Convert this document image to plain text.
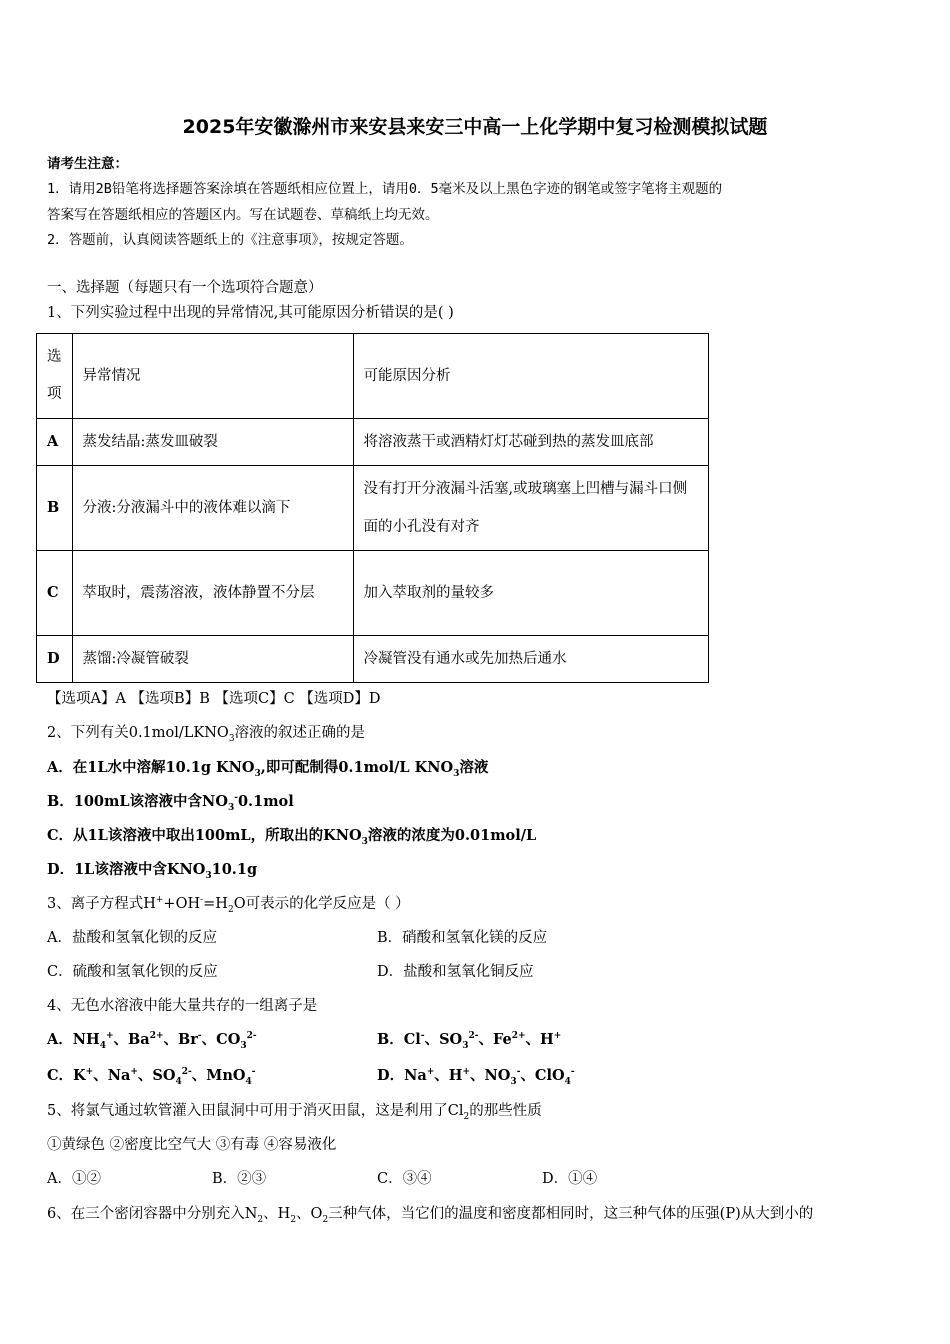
2025年安徽滁州市来安县来安三中高一上化学期中复习检测模拟试题
请考生注意：
1．请用2B铅笔将选择题答案涂填在答题纸相应位置上，请用0．5毫米及以上黑色字迹的钢笔或签字笔将主观题的
答案写在答题纸相应的答题区内。写在试题卷、草稿纸上均无效。
2．答题前，认真阅读答题纸上的《注意事项》，按规定答题。
一、选择题（每题只有一个选项符合题意）
1、下列实验过程中出现的异常情况,其可能原因分析错误的是( )
选
项	异常情况	可能原因分析
A	蒸发结晶:蒸发皿破裂	将溶液蒸干或酒精灯灯芯碰到热的蒸发皿底部
B	分液:分液漏斗中的液体难以滴下	没有打开分液漏斗活塞,或玻璃塞上凹槽与漏斗口侧面的小孔没有对齐
C	萃取时，震荡溶液，液体静置不分层	加入萃取剂的量较多
D	蒸馏:冷凝管破裂	冷凝管没有通水或先加热后通水
【选项A】A 【选项B】B 【选项C】C 【选项D】D
2、下列有关$0.1mol/LKNO_3$溶液的叙述正确的是
A．在1L水中溶解10.1g $KNO_3$,即可配制得0.1mol/L $KNO_3$溶液
B．100mL该溶液中含$NO_3^-0.1mol$
C．从1L该溶液中取出100mL，所取出的$KNO_3$溶液的浓度为0.01mol/L
D．1L该溶液中含$KNO_310.1g$
3、离子方程式$H^++OH^-=H_2O$可表示的化学反应是（ ）
A．盐酸和氢氧化钡的反应	B．硝酸和氢氧化镁的反应
C．硫酸和氢氧化钡的反应	D．盐酸和氢氧化铜反应
4、无色水溶液中能大量共存的一组离子是
A．$NH_4^+$、$Ba^{2+}$、Br-、$CO_3^{2-}$	B．Cl-、$SO_3^{2-}$、$Fe^{2+}$、H+
C．K+、Na+、$SO_4^{2-}$、MnO$_4$-	D．Na+、H+、$NO_3^-$、ClO$_4$-
5、将氯气通过软管灌入田鼠洞中可用于消灭田鼠，这是利用了$Cl_2$的那些性质
①黄绿色 ②密度比空气大 ③有毒 ④容易液化
A．①②	B．②③	C．③④	D．①④
6、在三个密闭容器中分别充入$N_2$、$H_2$、$O_2$三种气体，当它们的温度和密度都相同时，这三种气体的压强(P)从大到小的
